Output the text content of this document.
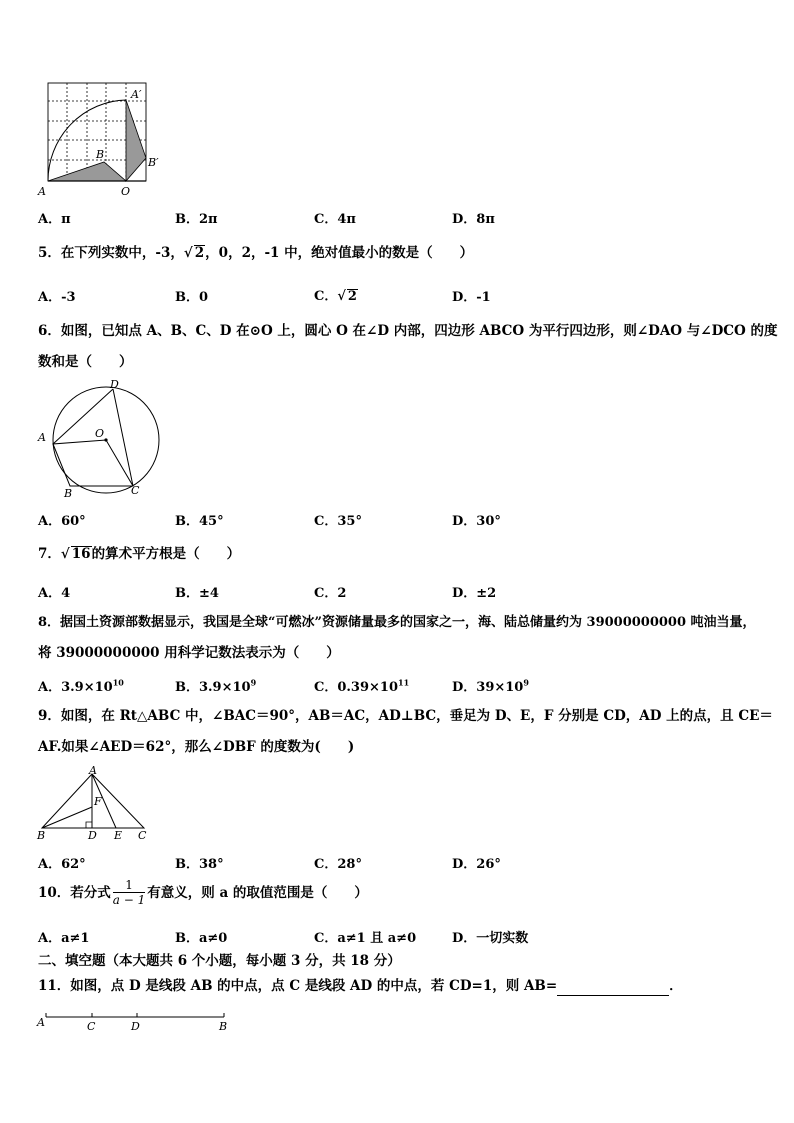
A	O
B
A′
B′
A．π	B．2π	C．4π	D．8π
5．在下列实数中，-3，√ 2，0，2，-1 中，绝对值最小的数是（　　）
A．-3	B．0	C．√ 2	D．-1
6．如图，已知点 A、B、C、D 在⊙O 上，圆心 O 在∠D 内部，四边形 ABCO 为平行四边形，则∠DAO 与∠DCO 的度
数和是（　　）
D
A	O
B	C
A．60°	B．45°	C．35°	D．30°
7．√ 16的算术平方根是（　　）
A．4	B．±4	C．2	D．±2
8．据国土资源部数据显示，我国是全球“可燃冰”资源储量最多的国家之一，海、陆总储量约为 39000000000 吨油当量，
将 39000000000 用科学记数法表示为（　　）
A．$3.9\times 10^{10}$	B．$3.9\times 10^9$	C．$0.39\times 10^{11}$	D．$39\times 10^9$
9．如图，在 Rt△ABC 中，∠BAC＝90°，AB＝AC，AD⊥BC，垂足为 D、E，F 分别是 CD，AD 上的点，且 CE＝
AF.如果∠AED＝62°，那么∠DBF 的度数为(　　)
A
F
B	D E C
A．62°	B．38°	C．28°	D．26°
10．若分式 $\frac{1}{a - 1}$ 有意义，则 a 的取值范围是（　　）
A．a≠1	B．a≠0	C．a≠1 且 a≠0	D．一切实数
二、填空题（本大题共 6 个小题，每小题 3 分，共 18 分）
11．如图，点 D 是线段 AB 的中点，点 C 是线段 AD 的中点，若 CD=1，则 AB=	．
A	C	D	B
